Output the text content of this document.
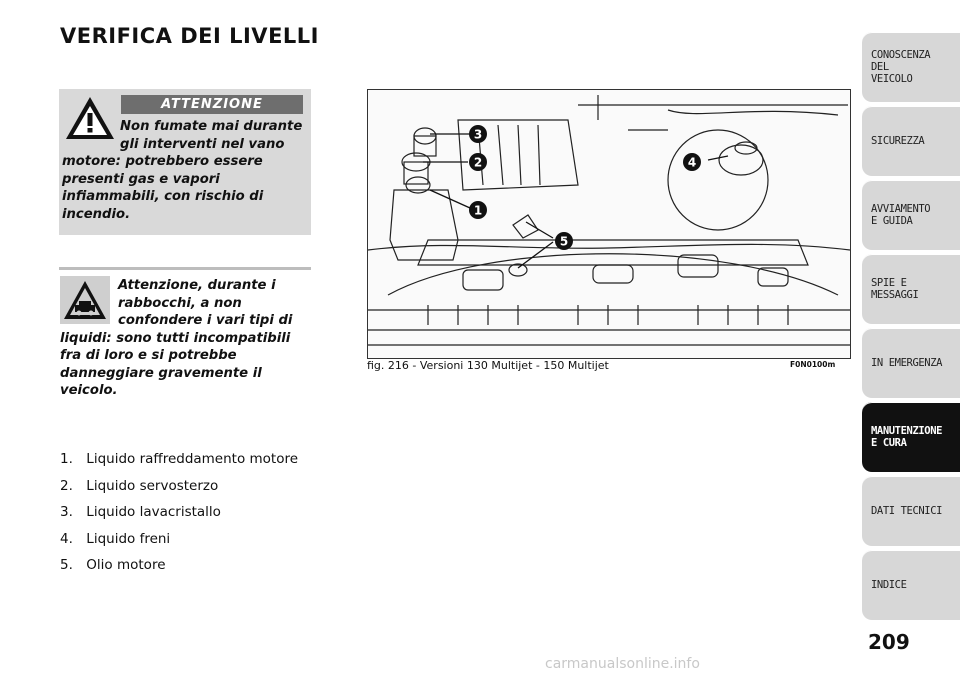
VERIFICA DEI LIVELLI
ATTENZIONE
Non fumate mai durante gli interventi nel vano motore: potrebbero essere presenti gas e vapori infiammabili, con rischio di incendio.
Attenzione, durante i rabbocchi, a non confondere i vari tipi di liquidi: sono tutti incompatibili fra di loro e si potrebbe danneggiare gravemente il veicolo.
1. Liquido raffreddamento motore
2. Liquido servosterzo
3. Liquido lavacristallo
4. Liquido freni
5. Olio motore
1
2
3
4
5
fig. 216 - Versioni 130 Multijet - 150 Multijet	F0N0100m
CONOSCENZA
DEL
VEICOLO
SICUREZZA
AVVIAMENTO
E GUIDA
SPIE E
MESSAGGI
IN EMERGENZA
MANUTENZIONE
E CURA
DATI TECNICI
INDICE
209
carmanualsonline.info
